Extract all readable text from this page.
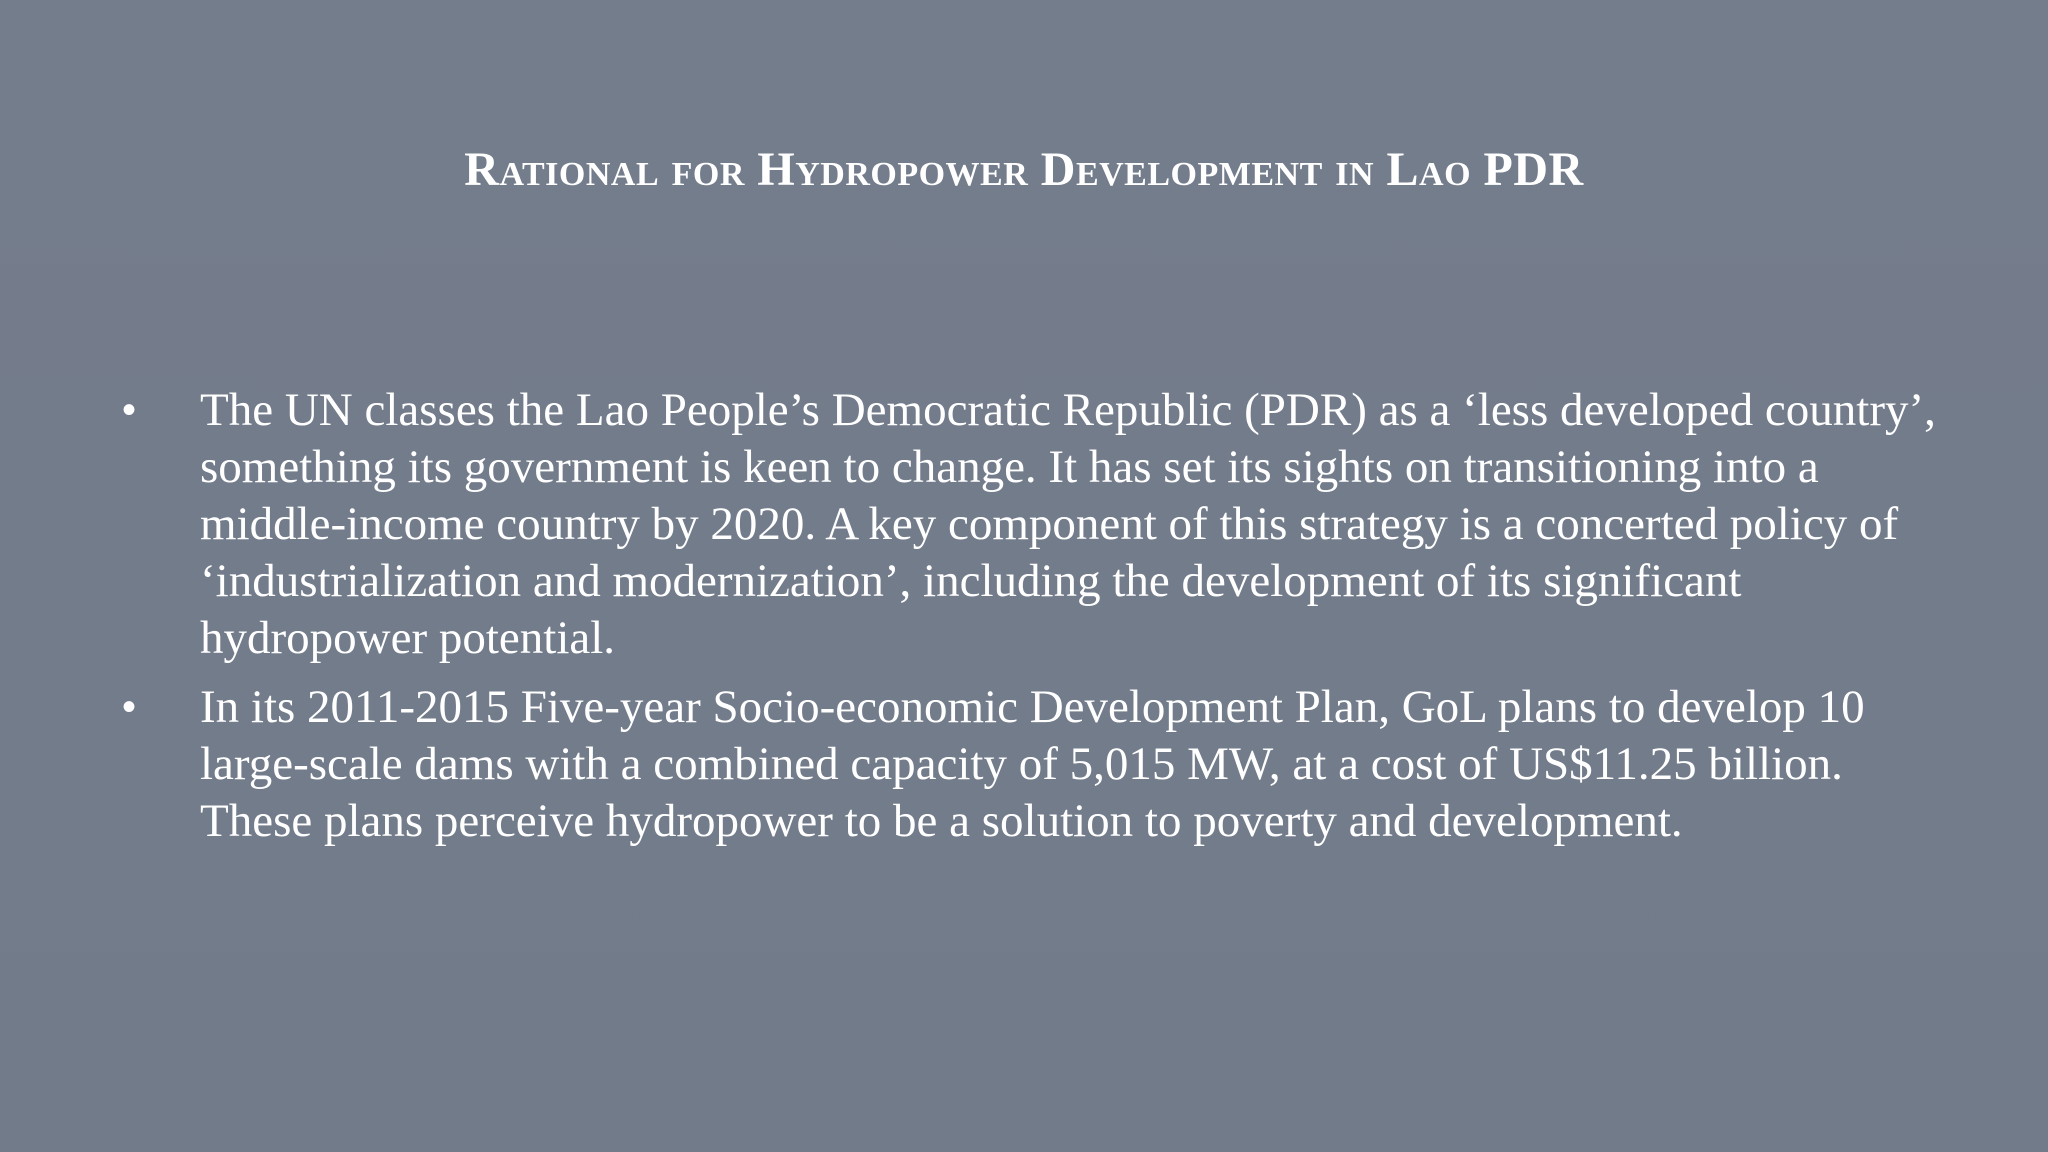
Rational for Hydropower Development in Lao PDR
• The UN classes the Lao People’s Democratic Republic (PDR) as a ‘less developed country’, something its government is keen to change. It has set its sights on transitioning into a middle-income country by 2020. A key component of this strategy is a concerted policy of ‘industrialization and modernization’, including the development of its significant hydropower potential.
• In its 2011-2015 Five-year Socio-economic Development Plan, GoL plans to develop 10 large-scale dams with a combined capacity of 5,015 MW, at a cost of US$11.25 billion. These plans perceive hydropower to be a solution to poverty and development.
